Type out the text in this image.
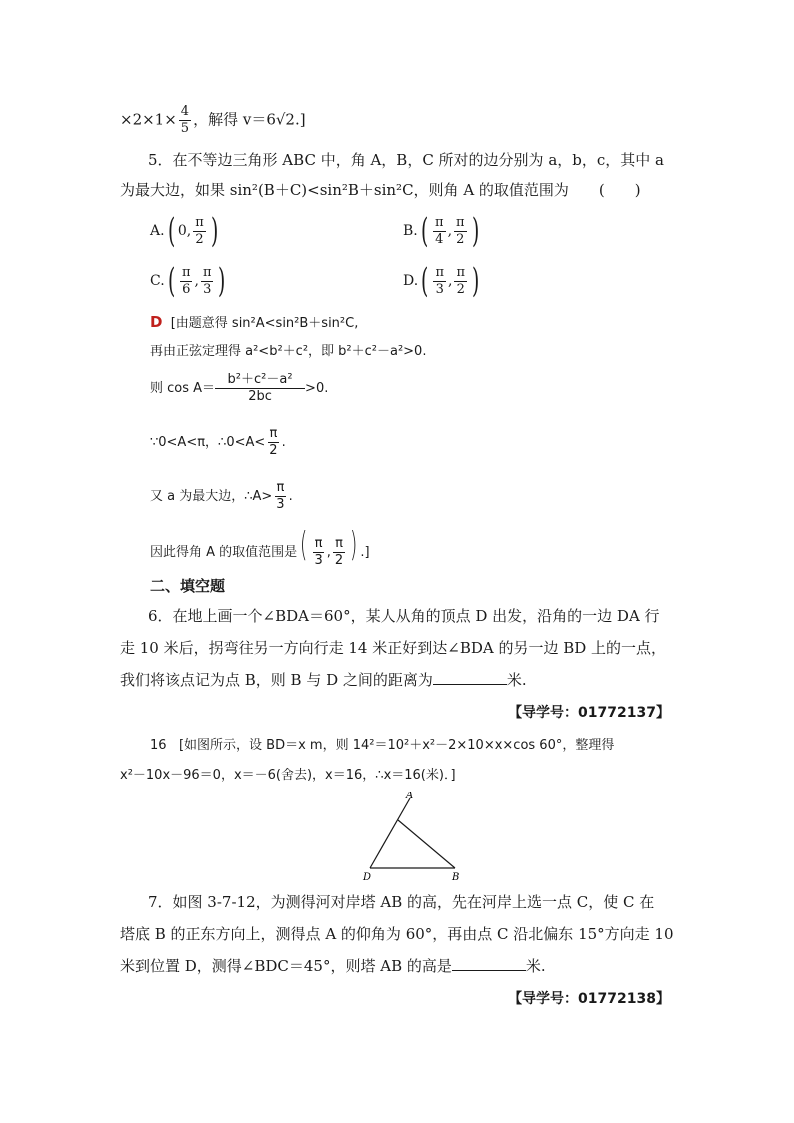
$\times 2\times 1\times \frac{4}{5}$ ，解得 v＝6√2.]
5．在不等边三角形 ABC 中，角 A，B，C 所对的边分别为 a，b，c，其中 a
为最大边，如果 sin²(B＋C)<sin²B＋sin²C，则角 A 的取值范围为　　(　　)
A. ( 0, $\frac{\pi}{2}$ )	B. ( $\frac{\pi}{4}$ , $\frac{\pi}{2}$ )
C. ( $\frac{\pi}{6}$ , $\frac{\pi}{3}$ )	D. ( $\frac{\pi}{3}$ , $\frac{\pi}{2}$ )
D [由题意得 sin²A<sin²B＋sin²C,
再由正弦定理得 a²<b²＋c²，即 b²＋c²－a²>0.
则 $\cos A= \frac{\text{b²＋c²－a²}}{2bc} >0$.
∵0<A<π，∴0<A< $\frac{\pi}{2}$ .
又 a 为最大边，∴A> $\frac{\pi}{3}$ .
因此得角 A 的取值范围是( $\frac{\pi}{3}$ , $\frac{\pi}{2}$ ) .]
二、填空题
6．在地上画一个∠BDA＝60°，某人从角的顶点 D 出发，沿角的一边 DA 行
走 10 米后，拐弯往另一方向行走 14 米正好到达∠BDA 的另一边 BD 上的一点，
我们将该点记为点 B，则 B 与 D 之间的距离为	米.
【导学号：01772137】
16 [如图所示，设 BD＝x m，则 14²＝10²＋x²－2×10×x×cos 60°，整理得
x²－10x－96＝0，x＝－6(舍去)，x＝16，∴x＝16(米)．]
A
D	B
7．如图 3-7-12，为测得河对岸塔 AB 的高，先在河岸上选一点 C，使 C 在
塔底 B 的正东方向上，测得点 A 的仰角为 60°，再由点 C 沿北偏东 15°方向走 10
米到位置 D，测得∠BDC＝45°，则塔 AB 的高是	米.
【导学号：01772138】
